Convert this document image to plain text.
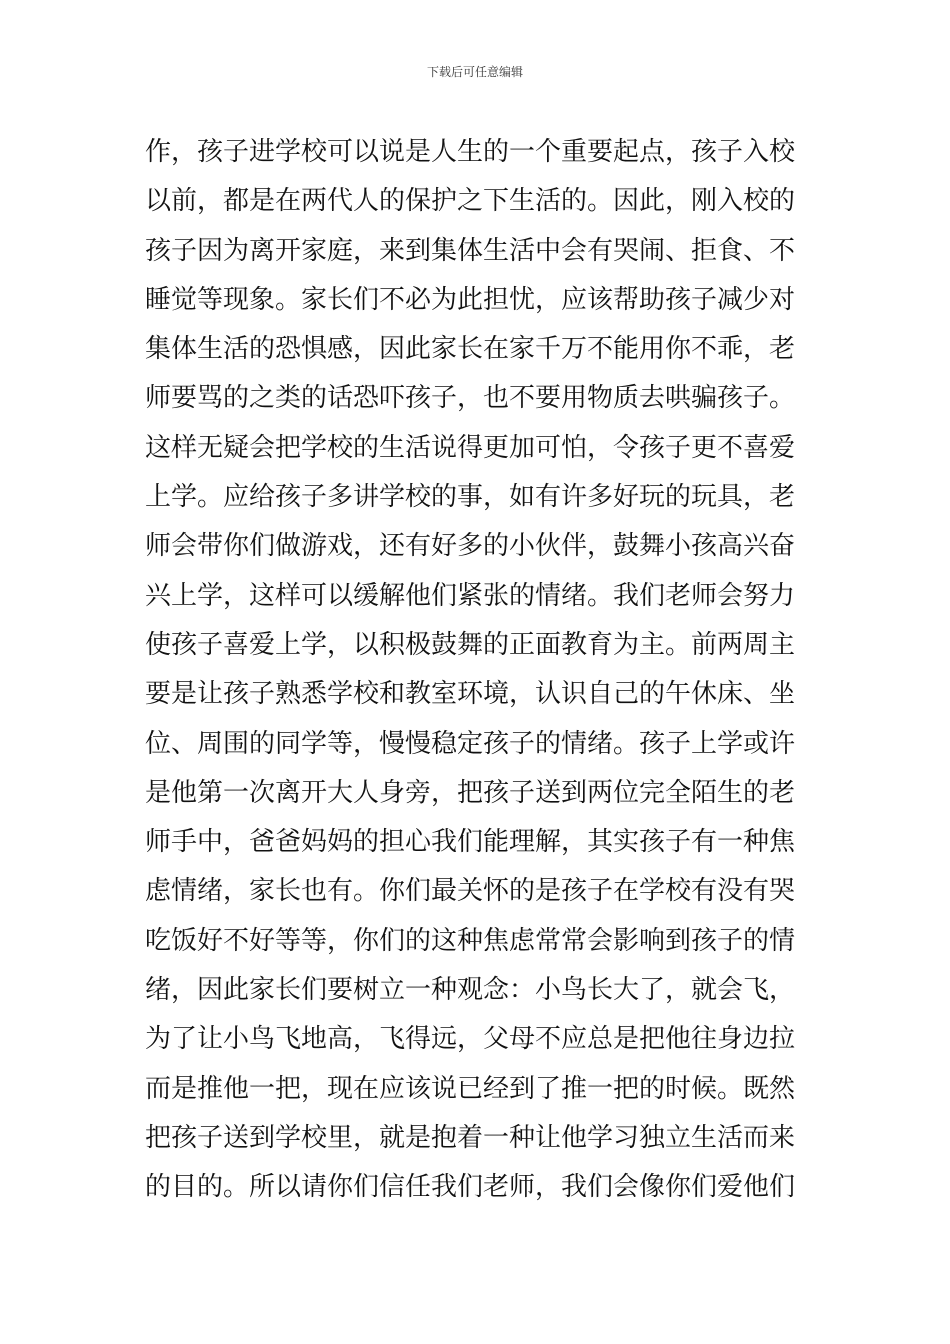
下载后可任意编辑
作，孩子进学校可以说是人生的一个重要起点，孩子入校
以前，都是在两代人的保护之下生活的。因此，刚入校的
孩子因为离开家庭，来到集体生活中会有哭闹、拒食、不
睡觉等现象。家长们不必为此担忧，应该帮助孩子减少对
集体生活的恐惧感，因此家长在家千万不能用你不乖，老
师要骂的之类的话恐吓孩子，也不要用物质去哄骗孩子。
这样无疑会把学校的生活说得更加可怕，令孩子更不喜爱
上学。应给孩子多讲学校的事，如有许多好玩的玩具，老
师会带你们做游戏，还有好多的小伙伴，鼓舞小孩高兴奋
兴上学，这样可以缓解他们紧张的情绪。我们老师会努力
使孩子喜爱上学，以积极鼓舞的正面教育为主。前两周主
要是让孩子熟悉学校和教室环境，认识自己的午休床、坐
位、周围的同学等，慢慢稳定孩子的情绪。孩子上学或许
是他第一次离开大人身旁，把孩子送到两位完全陌生的老
师手中，爸爸妈妈的担心我们能理解，其实孩子有一种焦
虑情绪，家长也有。你们最关怀的是孩子在学校有没有哭
吃饭好不好等等，你们的这种焦虑常常会影响到孩子的情
绪，因此家长们要树立一种观念：小鸟长大了，就会飞，
为了让小鸟飞地高，飞得远，父母不应总是把他往身边拉
而是推他一把，现在应该说已经到了推一把的时候。既然
把孩子送到学校里，就是抱着一种让他学习独立生活而来
的目的。所以请你们信任我们老师，我们会像你们爱他们
